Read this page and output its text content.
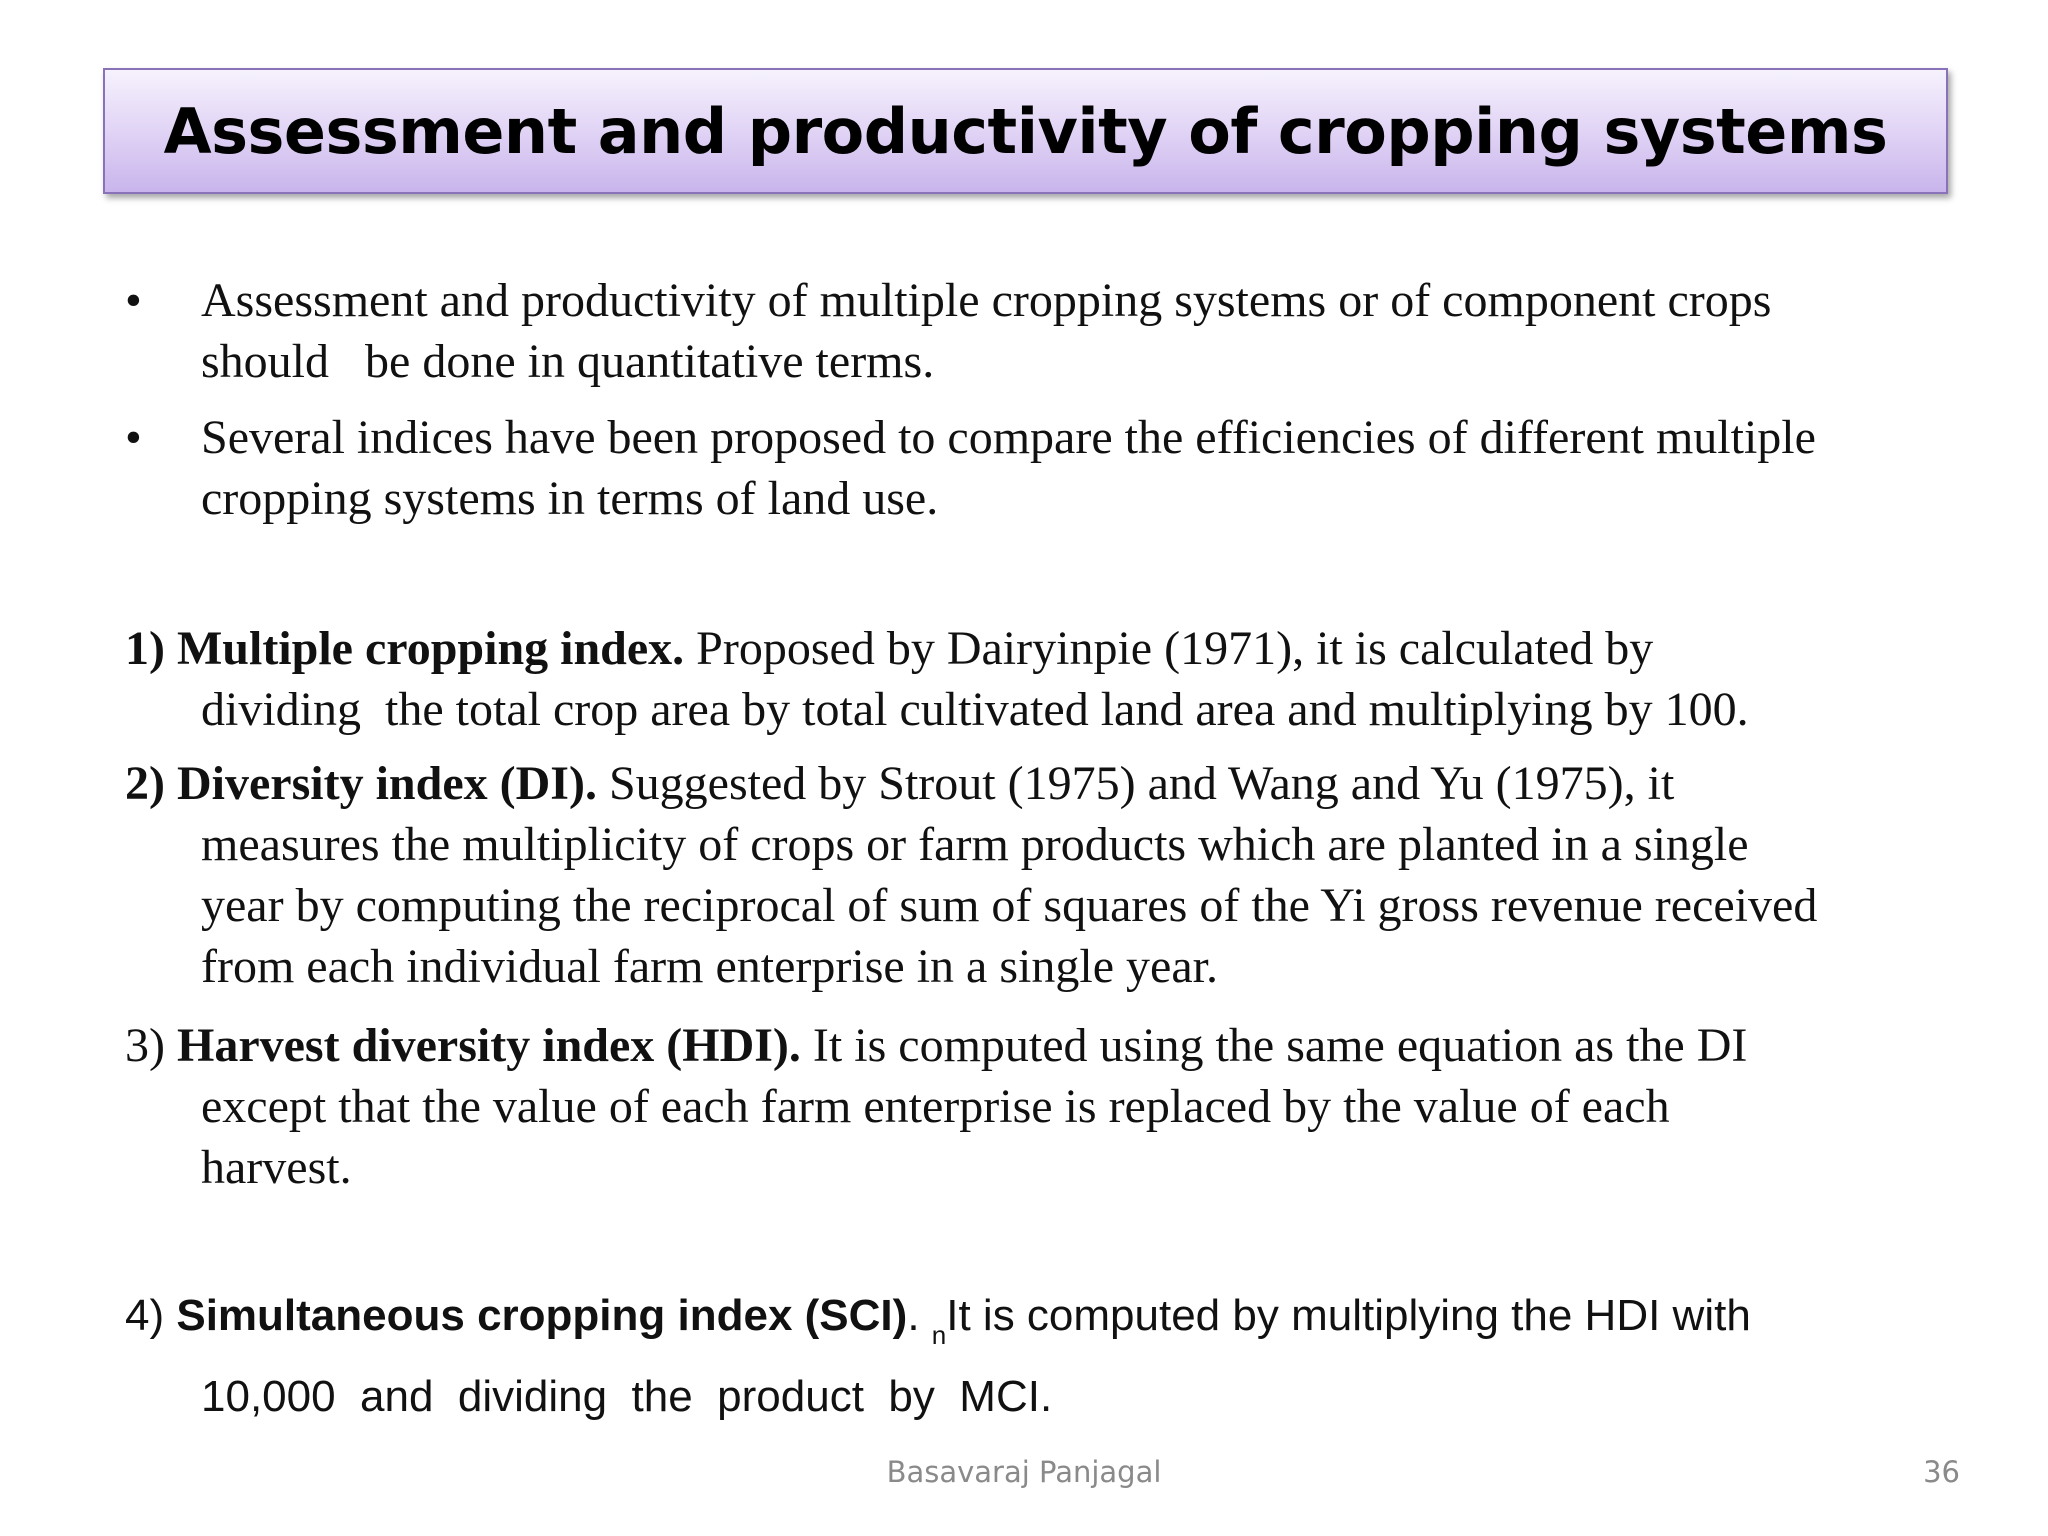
Assessment and productivity of cropping systems
• Assessment and productivity of multiple cropping systems or of component crops
should   be done in quantitative terms.
• Several indices have been proposed to compare the efficiencies of different multiple
cropping systems in terms of land use.
1) Multiple cropping index. Proposed by Dairyinpie (1971), it is calculated by
dividing  the total crop area by total cultivated land area and multiplying by 100.
2) Diversity index (DI). Suggested by Strout (1975) and Wang and Yu (1975), it
measures the multiplicity of crops or farm products which are planted in a single
year by computing the reciprocal of sum of squares of the Yi gross revenue received
from each individual farm enterprise in a single year.
3) Harvest diversity index (HDI). It is computed using the same equation as the DI
except that the value of each farm enterprise is replaced by the value of each
harvest.
4) Simultaneous cropping index (SCI). $_n$It is computed by multiplying the HDI with
10,000  and  dividing  the  product  by  MCI.
Basavaraj Panjagal	36
